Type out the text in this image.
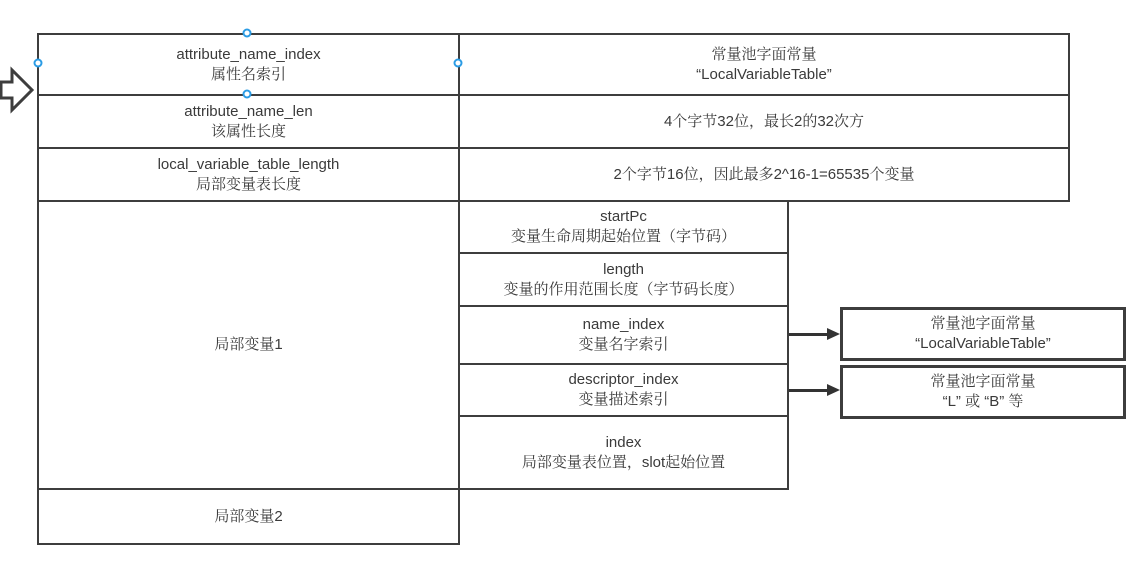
attribute_name_index
属性名索引
常量池字面常量
“LocalVariableTable”
attribute_name_len
该属性长度
4个字节32位，最长2的32次方
local_variable_table_length
局部变量表长度
2个字节16位，因此最多2^16-1=65535个变量
局部变量1
startPc
变量生命周期起始位置（字节码）
length
变量的作用范围长度（字节码长度）
name_index
变量名字索引
descriptor_index
变量描述索引
index
局部变量表位置，slot起始位置
局部变量2
常量池字面常量
“LocalVariableTable”
常量池字面常量
“L” 或 “B” 等
